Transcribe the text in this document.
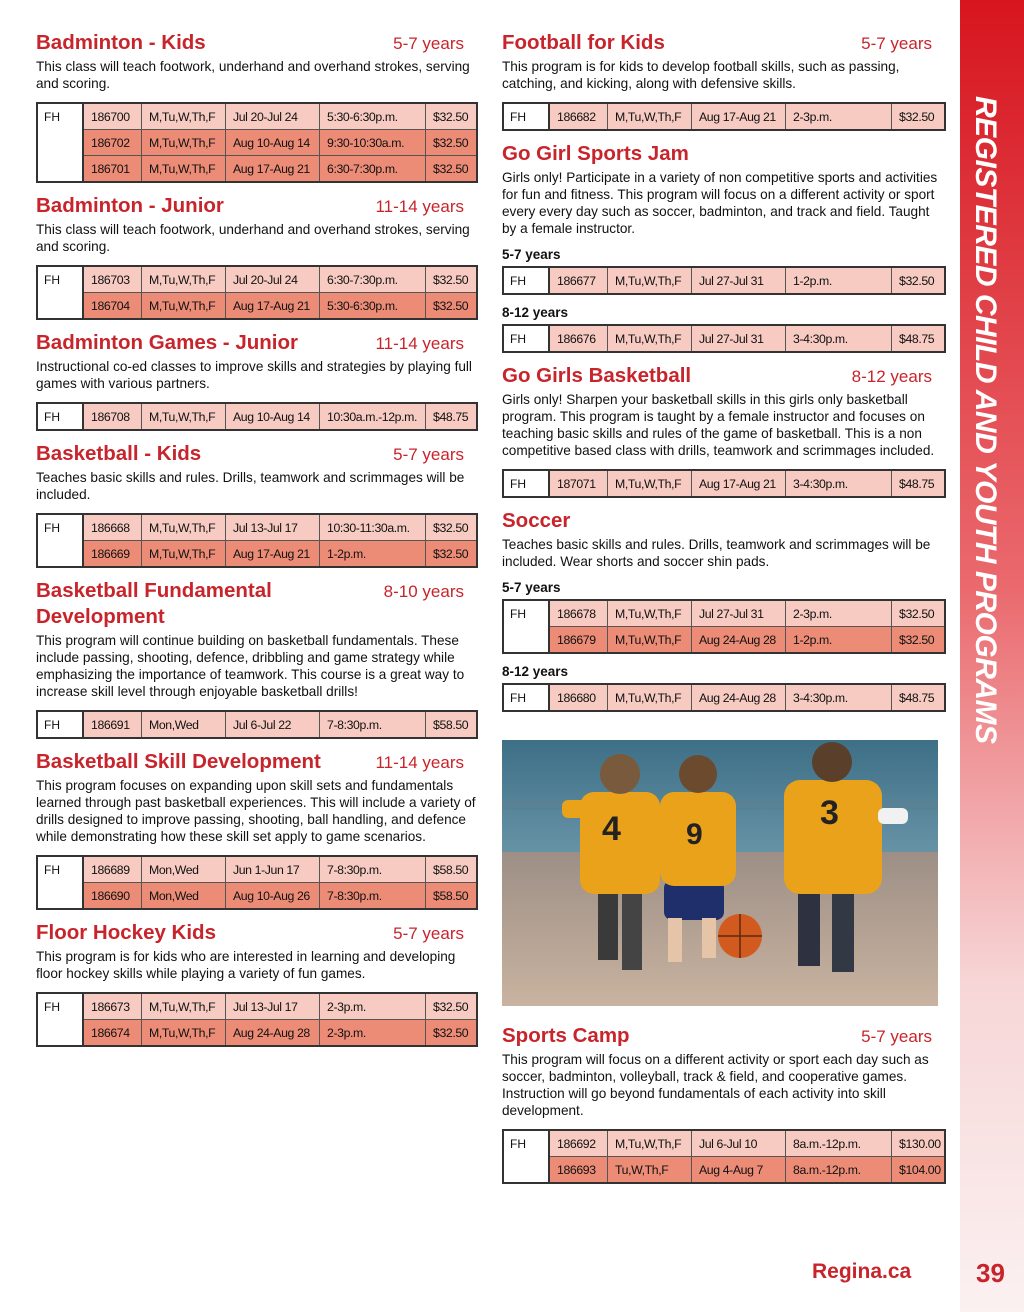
Badminton - Kids	5-7 years
This class will teach footwork, underhand and overhand strokes, serving and scoring.
FH	186700	M,Tu,W,Th,F	Jul 20-Jul 24	5:30-6:30p.m.	$32.50
186702	M,Tu,W,Th,F	Aug 10-Aug 14	9:30-10:30a.m.	$32.50
186701	M,Tu,W,Th,F	Aug 17-Aug 21	6:30-7:30p.m.	$32.50
Badminton - Junior	11-14 years
This class will teach footwork, underhand and overhand strokes, serving and scoring.
FH	186703	M,Tu,W,Th,F	Jul 20-Jul 24	6:30-7:30p.m.	$32.50
186704	M,Tu,W,Th,F	Aug 17-Aug 21	5:30-6:30p.m.	$32.50
Badminton Games - Junior	11-14 years
Instructional co-ed classes to improve skills and strategies by playing full games with various partners.
FH	186708	M,Tu,W,Th,F	Aug 10-Aug 14	10:30a.m.-12p.m.	$48.75
Basketball - Kids	5-7 years
Teaches basic skills and rules. Drills, teamwork and scrimmages will be included.
FH	186668	M,Tu,W,Th,F	Jul 13-Jul 17	10:30-11:30a.m.	$32.50
186669	M,Tu,W,Th,F	Aug 17-Aug 21	1-2p.m.	$32.50
Basketball Fundamental Development
8-10 years
This program will continue building on basketball fundamentals. These include passing, shooting, defence, dribbling and game strategy while emphasizing the importance of teamwork. This course is a great way to increase skill level through enjoyable basketball drills!
FH	186691	Mon,Wed	Jul 6-Jul 22	7-8:30p.m.	$58.50
Basketball Skill Development	11-14 years
This program focuses on expanding upon skill sets and fundamentals learned through past basketball experiences. This will include a variety of drills designed to improve passing, shooting, ball handling, and defence while demonstrating how these skill set apply to game scenarios.
FH	186689	Mon,Wed	Jun 1-Jun 17	7-8:30p.m.	$58.50
186690	Mon,Wed	Aug 10-Aug 26	7-8:30p.m.	$58.50
Floor Hockey Kids	5-7 years
This program is for kids who are interested in learning and developing floor hockey skills while playing a variety of fun games.
FH	186673	M,Tu,W,Th,F	Jul 13-Jul 17	2-3p.m.	$32.50
186674	M,Tu,W,Th,F	Aug 24-Aug 28	2-3p.m.	$32.50
Football for Kids	5-7 years
This program is for kids to develop football skills, such as passing, catching, and kicking, along with defensive skills.
FH	186682	M,Tu,W,Th,F	Aug 17-Aug 21	2-3p.m.	$32.50
Go Girl Sports Jam
Girls only! Participate in a variety of non competitive sports and activities for fun and fitness. This program will focus on a different activity or sport every every day such as soccer, badminton, and track and field. Taught by a female instructor.
5-7 years
FH	186677	M,Tu,W,Th,F	Jul 27-Jul 31	1-2p.m.	$32.50
8-12 years
FH	186676	M,Tu,W,Th,F	Jul 27-Jul 31	3-4:30p.m.	$48.75
Go Girls Basketball	8-12 years
Girls only! Sharpen your basketball skills in this girls only basketball program. This program is taught by a female instructor and focuses on teaching basic skills and rules of the game of basketball. This is a non competitive based class with drills, teamwork and scrimmages included.
FH	187071	M,Tu,W,Th,F	Aug 17-Aug 21	3-4:30p.m.	$48.75
Soccer
Teaches basic skills and rules. Drills, teamwork and scrimmages will be included. Wear shorts and soccer shin pads.
5-7 years
FH	186678	M,Tu,W,Th,F	Jul 27-Jul 31	2-3p.m.	$32.50
186679	M,Tu,W,Th,F	Aug 24-Aug 28	1-2p.m.	$32.50
8-12 years
FH	186680	M,Tu,W,Th,F	Aug 24-Aug 28	3-4:30p.m.	$48.75
4 9
3
Sports Camp	5-7 years
This program will focus on a different activity or sport each day such as soccer, badminton, volleyball, track & field, and cooperative games. Instruction will go beyond fundamentals of each activity into skill development.
FH	186692	M,Tu,W,Th,F	Jul 6-Jul 10	8a.m.-12p.m.	$130.00
186693	Tu,W,Th,F	Aug 4-Aug 7	8a.m.-12p.m.	$104.00
REGISTERED CHILD AND YOUTH PROGRAMS
Regina.ca 39
